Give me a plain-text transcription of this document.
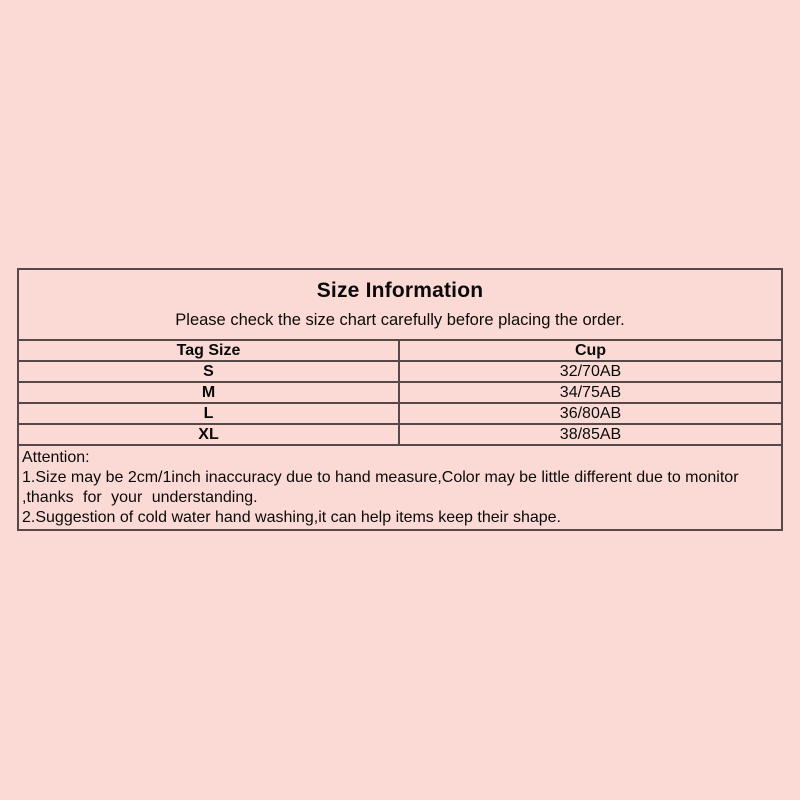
Size Information
Please check the size chart carefully before placing the order.
Tag Size	Cup
S	32/70AB
M	34/75AB
L	36/80AB
XL	38/85AB
Attention:
1.Size may be 2cm/1inch inaccuracy due to hand measure,Color may be little different due to monitor
,thanks for your understanding.
2.Suggestion of cold water hand washing,it can help items keep their shape.
